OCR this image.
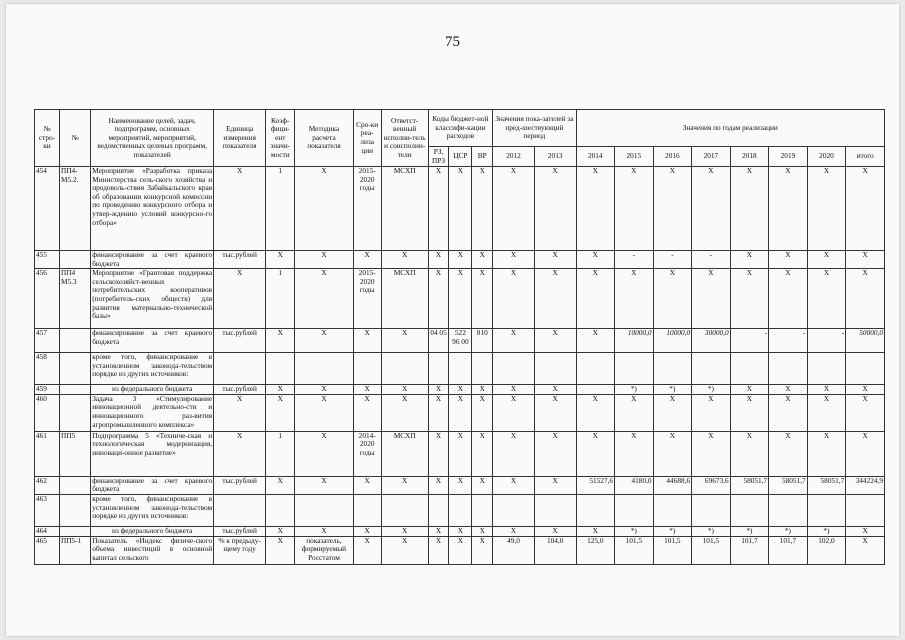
75
№ стро-ки	№	Наименование целей, задач, подпрограмм, основных мероприятий, мероприятий, ведомственных целевых программ, показателей	Единица измерения показателя	Коэф-фици-ент значи-мости	Методика расчета показателя	Сро-ки реа-лиза ции	Ответст-венный исполни-тель и соисполни-тели	Коды бюджет-ной классифи-кации расходов			Значения пока-зателей за пред-шествующий период		Значения по годам реализации							
								РЗ, ПРЗ	ЦСР	ВР	2012	2013	2014	2015	2016	2017	2018	2019	2020	итого
454	ПП4-М5.2.	Мероприятие «Разработка приказа Министерства сель-ского хозяйства и продоволь-ствия Забайкальского края об образовании конкурсной комиссии по проведению конкурсного отбора и утвер-ждению условий конкурсно-го отбора»	Х	1	Х	2015-2020 годы	МСХП	Х	Х	Х	Х	Х	Х	Х	Х	Х	Х	Х	Х	Х
455		финансирование за счет краевого бюджета	тыс.рублей	Х	Х	Х	Х	Х	Х	Х	Х	Х	Х	-	-	-	Х	Х	Х	Х
456	ПП4 М5.3	Мероприятие «Грантовая поддержка сельскохозяйст-венных потребительских кооперативов (потребитель-ских обществ) для развития материально-технической базы»	Х	1	Х	2015-2020 годы	МСХП	Х	Х	Х	Х	Х	Х	Х	Х	Х	Х	Х	Х	Х
457		финансирование за счет краевого бюджета	тыс.рублей	Х	Х	Х	Х	04 05	522 96 00	810	Х	Х	Х	10000,0	10000,0	30000,0	-	-	-	50000,0
458		кроме того, финансирование в установленном законода-тельством порядке из других источников:																		
459		из федерального бюджета	тыс.рублей	Х	Х	Х	Х	Х	Х	Х	Х	Х		*)	*)	*)	Х	Х	Х	Х
460		Задача 3 «Стимулирование инновационной деятельно-сти и инновационного раз-вития агропромышленного комплекса»	Х	Х	Х	Х	Х	Х	Х	Х	Х	Х	Х	Х	Х	Х	Х	Х	Х	Х
461	ПП5	Подпрограмма 5 «Техниче-ская и технологическая модернизация, инноваци-онное развитие»	Х	1	Х	2014-2020 годы	МСХП	Х	Х	Х	Х	Х	Х	Х	Х	Х	Х	Х	Х	Х
462		финансирование за счет краевого бюджета	тыс.рублей	Х	Х	Х	Х	Х	Х	Х	Х	Х	51527,6	4180,0	44688,6	69673,6	58051,7	58051,7	58051,7	344224,9
463		кроме того, финансирование в установленном законода-тельством порядке из других источников:																		
464		из федерального бюджета	тыс.рублей	Х	Х	Х	Х	Х	Х	Х	Х	Х	Х	*)	*)	*)	*)	*)	*)	Х
465	ПП5-1	Показатель «Индекс физиче-ского объема инвестиций в основной капитал сельского	% к предыду-щему году	Х	показатель, формируемый Росстатом	Х	Х	Х	Х	Х	49,0	104,0	125,0	101,5	101,5	101,5	101,7	101,7	102,0	Х
